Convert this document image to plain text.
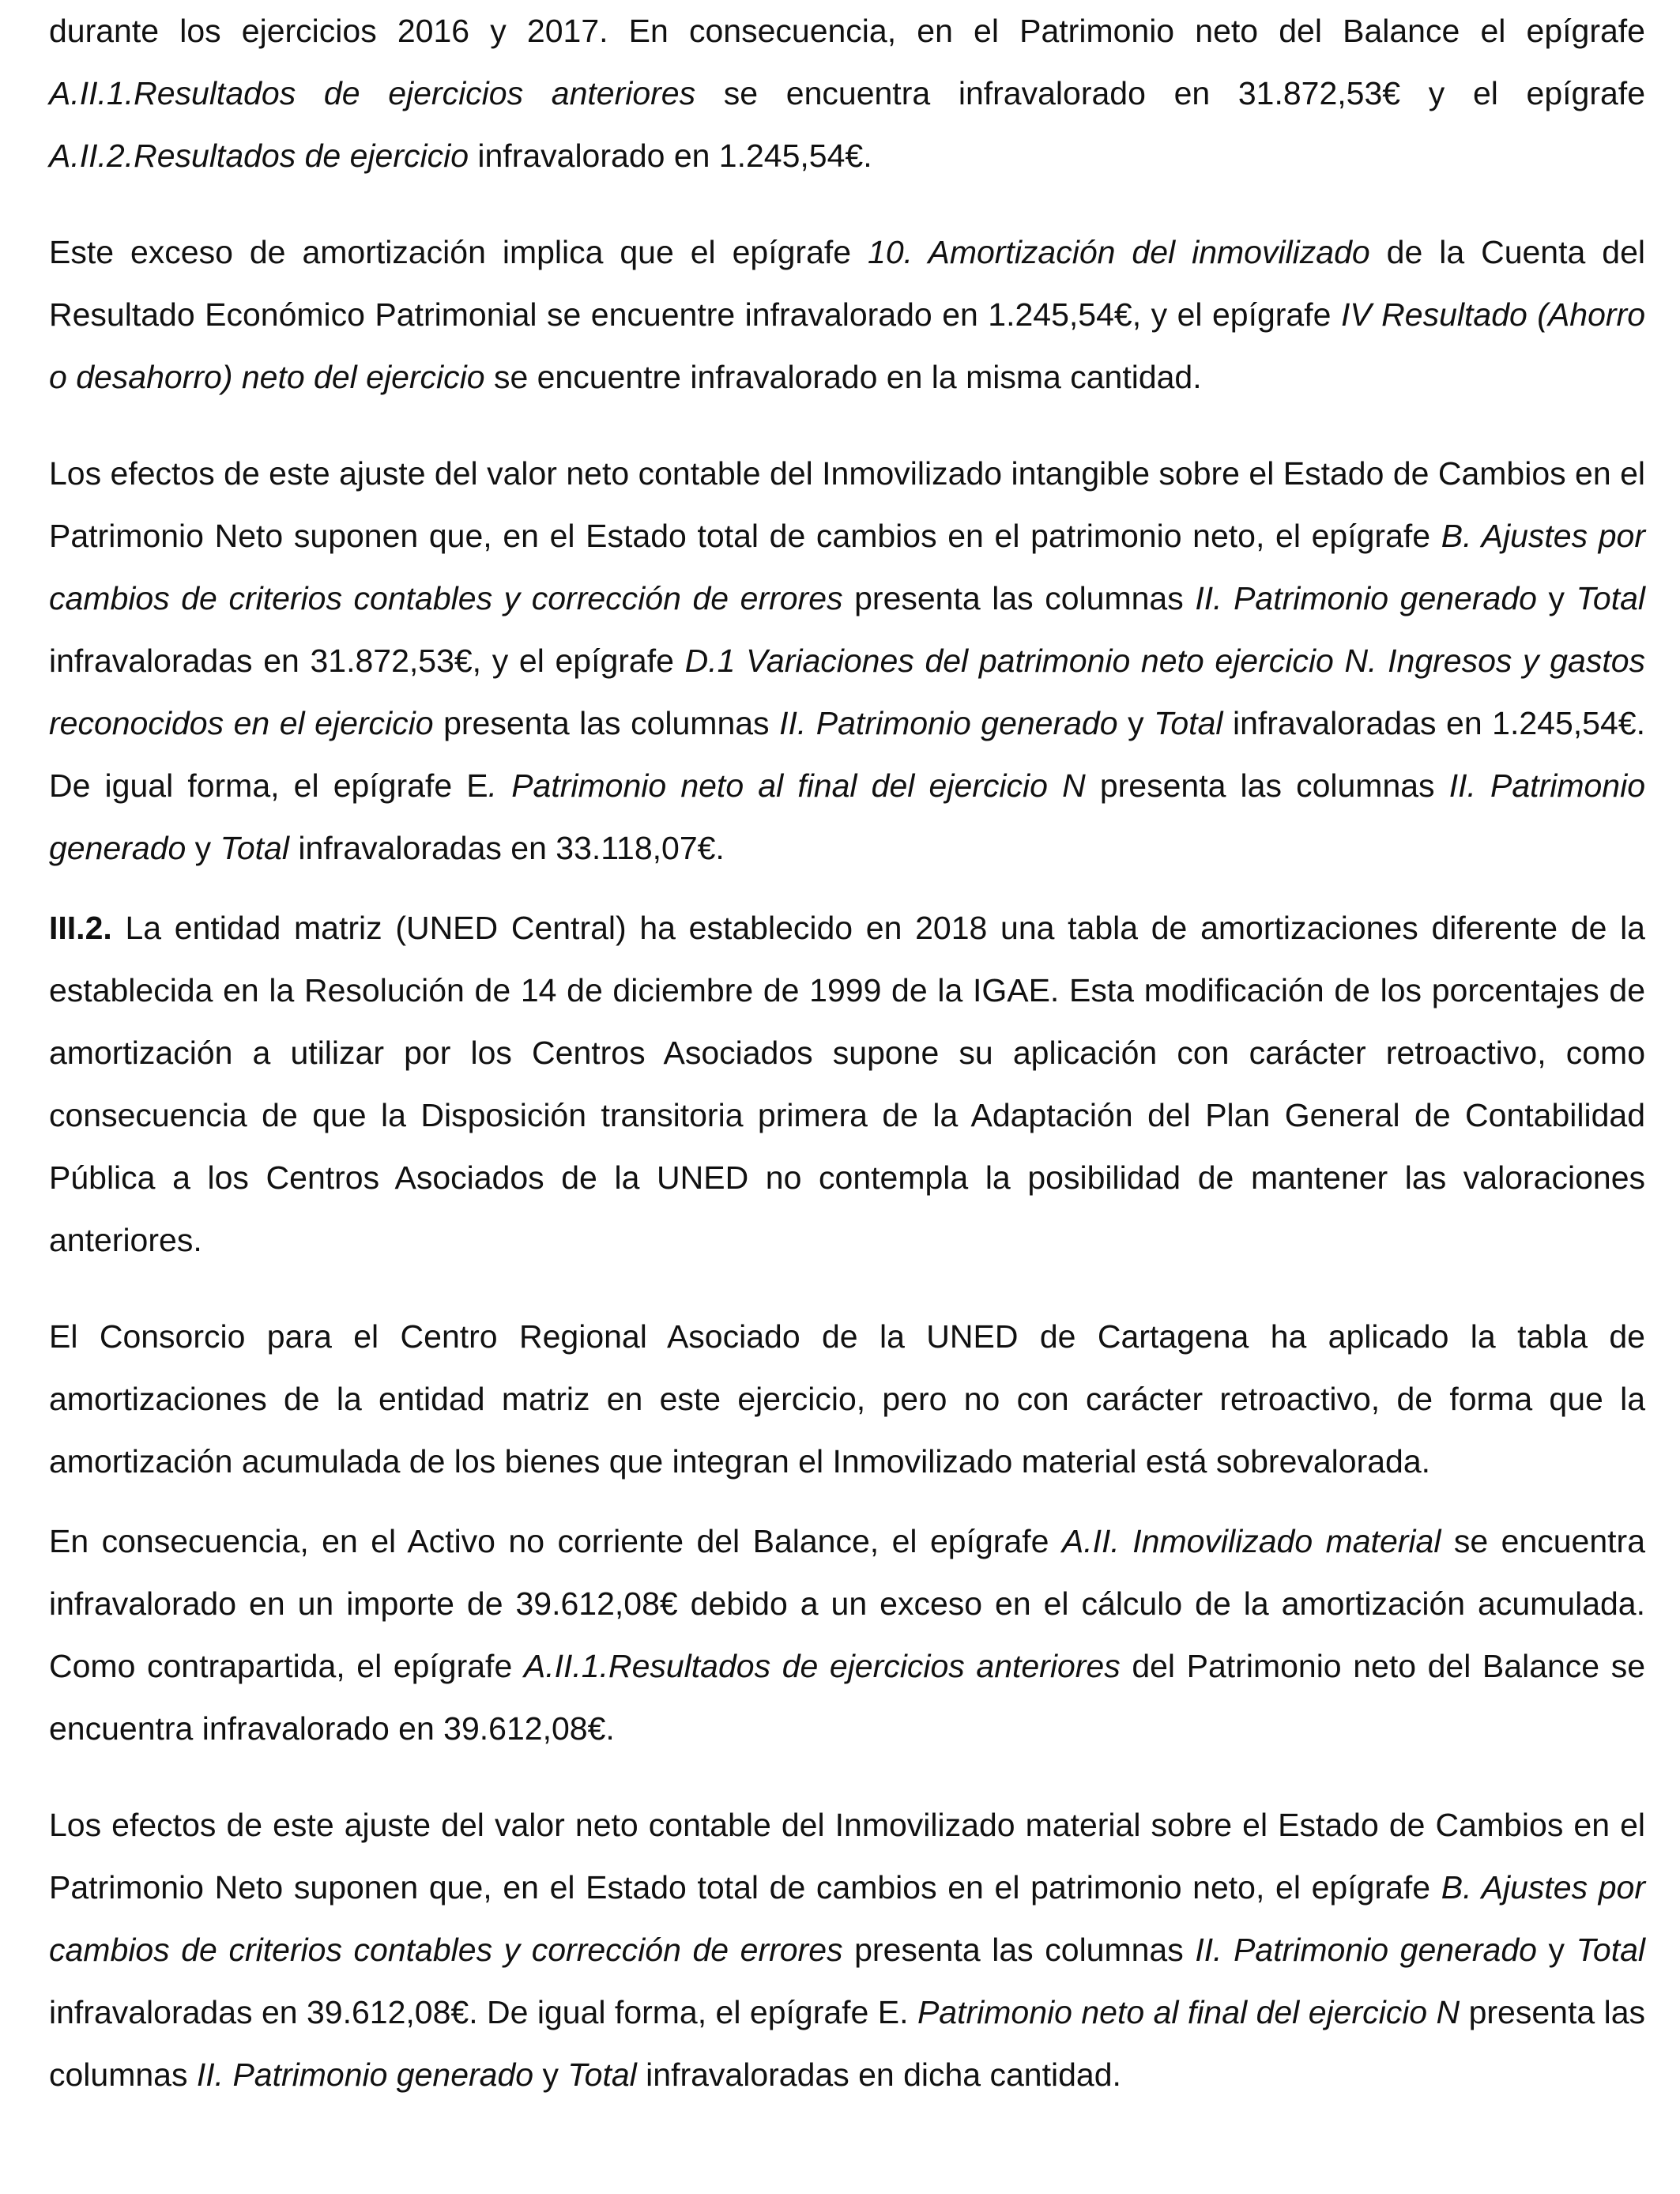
durante los ejercicios 2016 y 2017. En consecuencia, en el Patrimonio neto del Balance el epígrafe A.II.1.Resultados de ejercicios anteriores se encuentra infravalorado en 31.872,53€ y el epígrafe A.II.2.Resultados de ejercicio infravalorado en 1.245,54€.

Este exceso de amortización implica que el epígrafe 10. Amortización del inmovilizado de la Cuenta del Resultado Económico Patrimonial se encuentre infravalorado en 1.245,54€, y el epígrafe IV Resultado (Ahorro o desahorro) neto del ejercicio se encuentre infravalorado en la misma cantidad.

Los efectos de este ajuste del valor neto contable del Inmovilizado intangible sobre el Estado de Cambios en el Patrimonio Neto suponen que, en el Estado total de cambios en el patrimonio neto, el epígrafe B. Ajustes por cambios de criterios contables y corrección de errores presenta las columnas II. Patrimonio generado y Total infravaloradas en 31.872,53€, y el epígrafe D.1 Variaciones del patrimonio neto ejercicio N. Ingresos y gastos reconocidos en el ejercicio presenta las columnas II. Patrimonio generado y Total infravaloradas en 1.245,54€. De igual forma, el epígrafe E. Patrimonio neto al final del ejercicio N presenta las columnas II. Patrimonio generado y Total infravaloradas en 33.118,07€.

III.2. La entidad matriz (UNED Central) ha establecido en 2018 una tabla de amortizaciones diferente de la establecida en la Resolución de 14 de diciembre de 1999 de la IGAE. Esta modificación de los porcentajes de amortización a utilizar por los Centros Asociados supone su aplicación con carácter retroactivo, como consecuencia de que la Disposición transitoria primera de la Adaptación del Plan General de Contabilidad Pública a los Centros Asociados de la UNED no contempla la posibilidad de mantener las valoraciones anteriores.

El Consorcio para el Centro Regional Asociado de la UNED de Cartagena ha aplicado la tabla de amortizaciones de la entidad matriz en este ejercicio, pero no con carácter retroactivo, de forma que la amortización acumulada de los bienes que integran el Inmovilizado material está sobrevalorada.

En consecuencia, en el Activo no corriente del Balance, el epígrafe A.II. Inmovilizado material se encuentra infravalorado en un importe de 39.612,08€ debido a un exceso en el cálculo de la amortización acumulada. Como contrapartida, el epígrafe A.II.1.Resultados de ejercicios anteriores del Patrimonio neto del Balance se encuentra infravalorado en 39.612,08€.

Los efectos de este ajuste del valor neto contable del Inmovilizado material sobre el Estado de Cambios en el Patrimonio Neto suponen que, en el Estado total de cambios en el patrimonio neto, el epígrafe B. Ajustes por cambios de criterios contables y corrección de errores presenta las columnas II. Patrimonio generado y Total infravaloradas en 39.612,08€. De igual forma, el epígrafe E. Patrimonio neto al final del ejercicio N presenta las columnas II. Patrimonio generado y Total infravaloradas en dicha cantidad.
